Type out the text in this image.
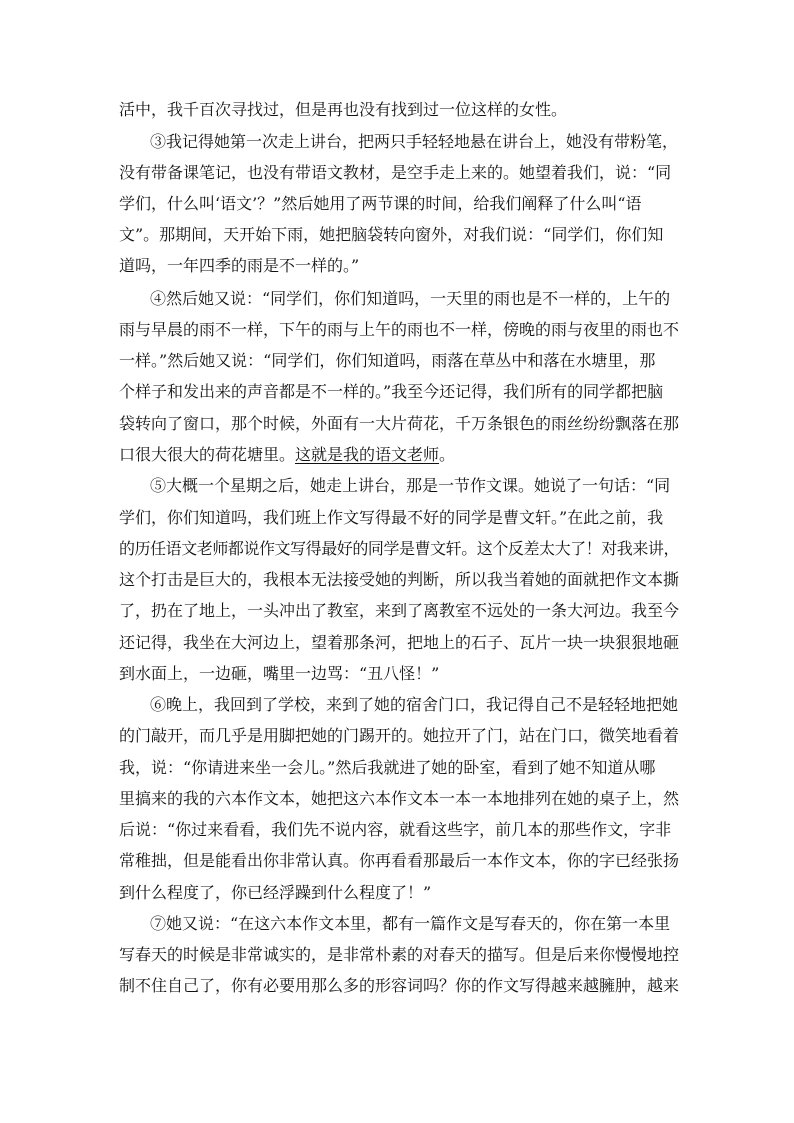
活中，我千百次寻找过，但是再也没有找到过一位这样的女性。
③我记得她第一次走上讲台，把两只手轻轻地悬在讲台上，她没有带粉笔，
没有带备课笔记，也没有带语文教材，是空手走上来的。她望着我们，说：“同
学们，什么叫‘语文’？”然后她用了两节课的时间，给我们阐释了什么叫“语
文”。那期间，天开始下雨，她把脑袋转向窗外，对我们说：“同学们，你们知
道吗，一年四季的雨是不一样的。”
④然后她又说：“同学们，你们知道吗，一天里的雨也是不一样的，上午的
雨与早晨的雨不一样，下午的雨与上午的雨也不一样，傍晚的雨与夜里的雨也不
一样。”然后她又说：“同学们，你们知道吗，雨落在草丛中和落在水塘里，那
个样子和发出来的声音都是不一样的。”我至今还记得，我们所有的同学都把脑
袋转向了窗口，那个时候，外面有一大片荷花，千万条银色的雨丝纷纷飘落在那
口很大很大的荷花塘里。这就是我的语文老师。
⑤大概一个星期之后，她走上讲台，那是一节作文课。她说了一句话：“同
学们，你们知道吗，我们班上作文写得最不好的同学是曹文轩。”在此之前，我
的历任语文老师都说作文写得最好的同学是曹文轩。这个反差太大了！对我来讲，
这个打击是巨大的，我根本无法接受她的判断，所以我当着她的面就把作文本撕
了，扔在了地上，一头冲出了教室，来到了离教室不远处的一条大河边。我至今
还记得，我坐在大河边上，望着那条河，把地上的石子、瓦片一块一块狠狠地砸
到水面上，一边砸，嘴里一边骂：“丑八怪！”
⑥晚上，我回到了学校，来到了她的宿舍门口，我记得自己不是轻轻地把她
的门敲开，而几乎是用脚把她的门踢开的。她拉开了门，站在门口，微笑地看着
我，说：“你请进来坐一会儿。”然后我就进了她的卧室，看到了她不知道从哪
里搞来的我的六本作文本，她把这六本作文本一本一本地排列在她的桌子上，然
后说：“你过来看看，我们先不说内容，就看这些字，前几本的那些作文，字非
常稚拙，但是能看出你非常认真。你再看看那最后一本作文本，你的字已经张扬
到什么程度了，你已经浮躁到什么程度了！”
⑦她又说：“在这六本作文本里，都有一篇作文是写春天的，你在第一本里
写春天的时候是非常诚实的，是非常朴素的对春天的描写。但是后来你慢慢地控
制不住自己了，你有必要用那么多的形容词吗？你的作文写得越来越臃肿，越来
